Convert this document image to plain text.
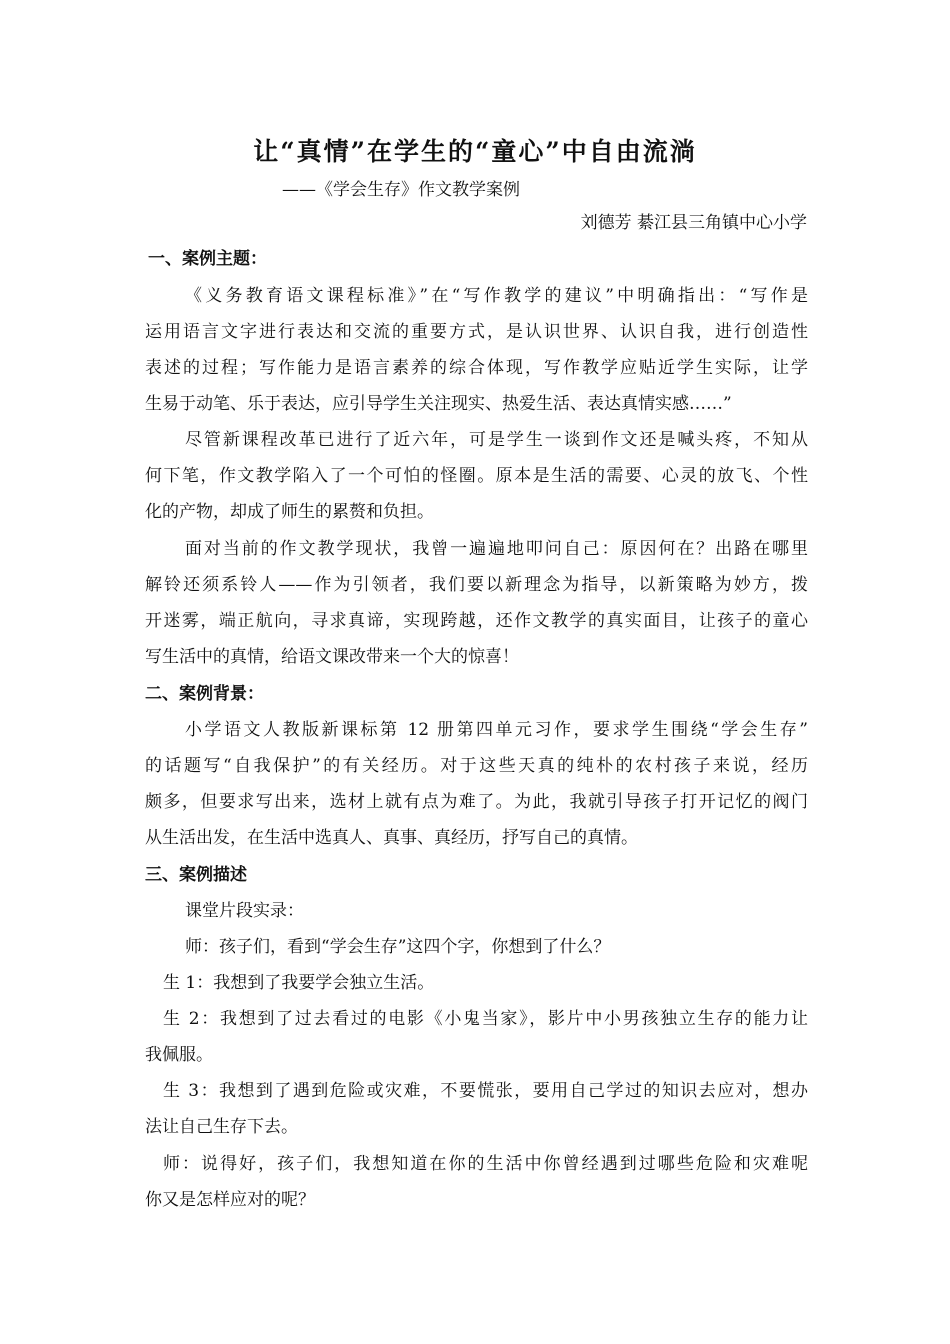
让“真情”在学生的“童心”中自由流淌
——《学会生存》作文教学案例
刘德芳 綦江县三角镇中心小学
一、案例主题：
《义务教育语文课程标准》”在“写作教学的建议”中明确指出：“写作是
运用语言文字进行表达和交流的重要方式，是认识世界、认识自我，进行创造性
表述的过程；写作能力是语言素养的综合体现，写作教学应贴近学生实际，让学
生易于动笔、乐于表达，应引导学生关注现实、热爱生活、表达真情实感……”
尽管新课程改革已进行了近六年，可是学生一谈到作文还是喊头疼，不知从
何下笔，作文教学陷入了一个可怕的怪圈。原本是生活的需要、心灵的放飞、个性
化的产物，却成了师生的累赘和负担。
面对当前的作文教学现状，我曾一遍遍地叩问自己：原因何在？出路在哪里
解铃还须系铃人——作为引领者，我们要以新理念为指导，以新策略为妙方，拨
开迷雾，端正航向，寻求真谛，实现跨越，还作文教学的真实面目，让孩子的童心
写生活中的真情，给语文课改带来一个大的惊喜！
二、案例背景：
小学语文人教版新课标第 12 册第四单元习作，要求学生围绕“学会生存”
的话题写“自我保护”的有关经历。对于这些天真的纯朴的农村孩子来说，经历
颇多，但要求写出来，选材上就有点为难了。为此，我就引导孩子打开记忆的阀门
从生活出发，在生活中选真人、真事、真经历，抒写自己的真情。
三、案例描述
课堂片段实录：
师：孩子们，看到“学会生存”这四个字，你想到了什么？
生 1：我想到了我要学会独立生活。
生 2：我想到了过去看过的电影《小鬼当家》，影片中小男孩独立生存的能力让
我佩服。
生 3：我想到了遇到危险或灾难，不要慌张，要用自己学过的知识去应对，想办
法让自己生存下去。
师：说得好，孩子们，我想知道在你的生活中你曾经遇到过哪些危险和灾难呢
你又是怎样应对的呢？
